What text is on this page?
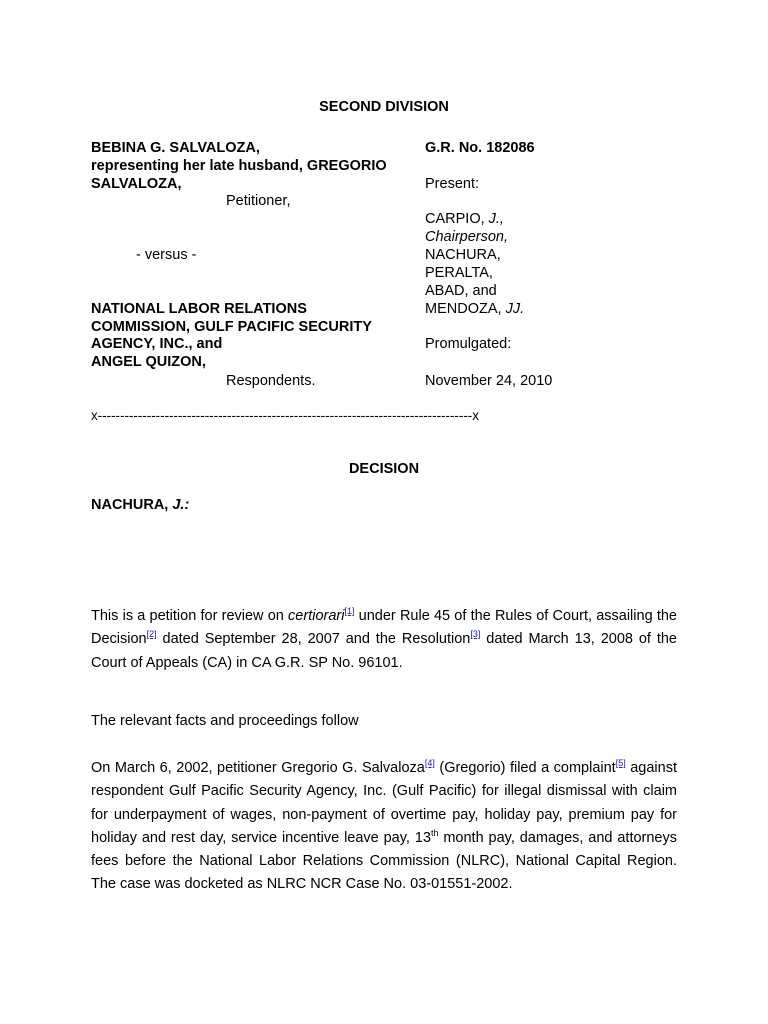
SECOND DIVISION
BEBINA G. SALVALOZA,
representing her late husband, GREGORIO
SALVALOZA,
Petitioner,
- versus -
NATIONAL LABOR RELATIONS
COMMISSION, GULF PACIFIC SECURITY
AGENCY, INC., and
ANGEL QUIZON,
Respondents.
G.R. No. 182086
Present:
CARPIO, J.,
Chairperson,
NACHURA,
PERALTA,
ABAD, and
MENDOZA, JJ.
Promulgated:
November 24, 2010
x------------------------------------------------------------------------------------x
DECISION
NACHURA, J.:
This is a petition for review on certiorari[1] under Rule 45 of the Rules of Court, assailing the Decision[2] dated September 28, 2007 and the Resolution[3] dated March 13, 2008 of the Court of Appeals (CA) in CA G.R. SP No. 96101.
The relevant facts and proceedings follow
On March 6, 2002, petitioner Gregorio G. Salvaloza[4] (Gregorio) filed a complaint[5] against respondent Gulf Pacific Security Agency, Inc. (Gulf Pacific) for illegal dismissal with claim for underpayment of wages, non-payment of overtime pay, holiday pay, premium pay for holiday and rest day, service incentive leave pay, 13th month pay, damages, and attorneys fees before the National Labor Relations Commission (NLRC), National Capital Region. The case was docketed as NLRC NCR Case No. 03-01551-2002.
